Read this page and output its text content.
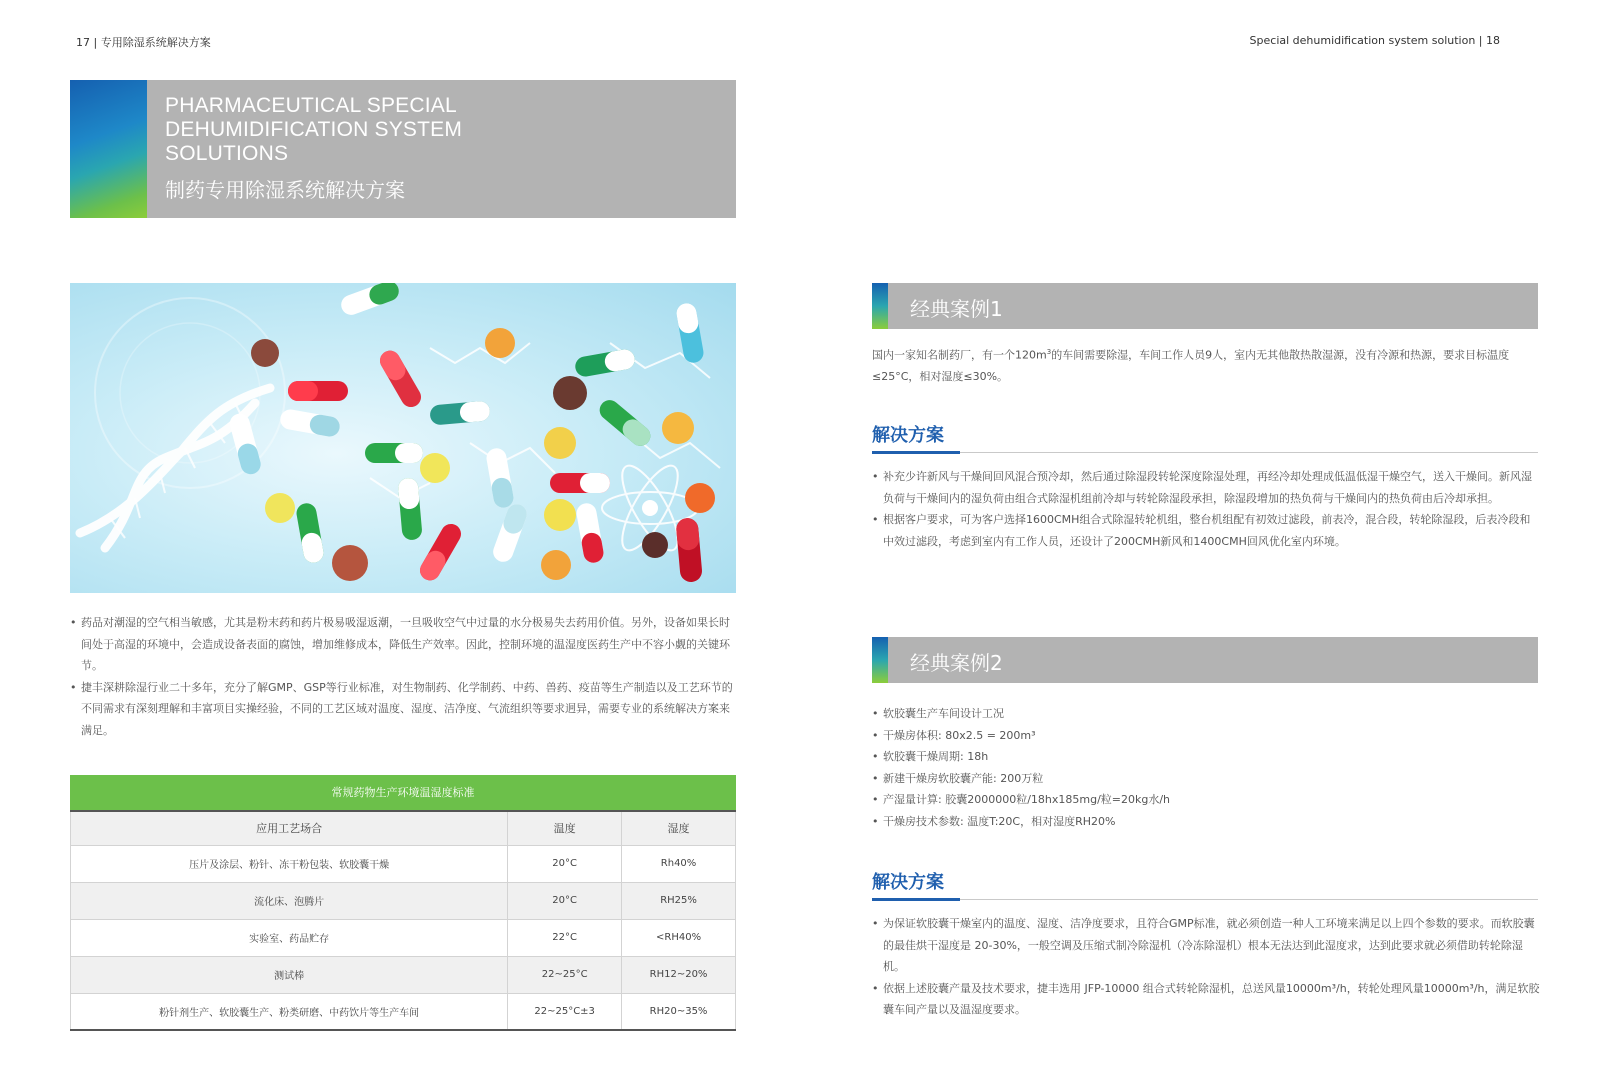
17 | 专用除湿系统解决方案	Special dehumidification system solution | 18
PHARMACEUTICAL SPECIAL DEHUMIDIFICATION SYSTEM SOLUTIONS
制药专用除湿系统解决方案

• 药品对潮湿的空气相当敏感，尤其是粉末药和药片极易吸湿返潮，一旦吸收空气中过量的水分极易失去药用价值。另外，设备如果长时间处于高湿的环境中，会造成设备表面的腐蚀，增加维修成本，降低生产效率。因此，控制环境的温湿度医药生产中不容小觑的关键环节。

• 捷丰深耕除湿行业二十多年，充分了解GMP、GSP等行业标准，对生物制药、化学制药、中药、兽药、疫苗等生产制造以及工艺环节的不同需求有深刻理解和丰富项目实操经验，不同的工艺区域对温度、湿度、洁净度、气流组织等要求迥异，需要专业的系统解决方案来满足。

常规药物生产环境温湿度标准
应用工艺场合	温度	湿度
压片及涂层、粉针、冻干粉包装、软胶囊干燥	20°C	Rh40%
流化床、泡腾片	20°C	RH25%
实验室、药品贮存	22°C	<RH40%
测试棒	22~25°C	RH12~20%
粉针剂生产、软胶囊生产、粉类研磨、中药饮片等生产车间	22~25°C±3	RH20~35%
经典案例1
国内一家知名制药厂，有一个$120m^3$的车间需要除湿，车间工作人员9人，室内无其他散热散湿源，没有冷源和热源，要求目标温度≤25°C，相对湿度≤30%。
解决方案
• 补充少许新风与干燥间回风混合预冷却，然后通过除湿段转轮深度除湿处理，再经冷却处理成低温低湿干燥空气，送入干燥间。新风湿负荷与干燥间内的湿负荷由组合式除湿机组前冷却与转轮除湿段承担，除湿段增加的热负荷与干燥间内的热负荷由后冷却承担。
• 根据客户要求，可为客户选择1600CMH组合式除湿转轮机组，整台机组配有初效过滤段，前表冷，混合段，转轮除湿段，后表冷段和中效过滤段，考虑到室内有工作人员，还设计了200CMH新风和1400CMH回风优化室内环境。
经典案例2
• 软胶囊生产车间设计工况
• 干燥房体积: 80x2.5 = 200m³
• 软胶囊干燥周期: 18h
• 新建干燥房软胶囊产能: 200万粒
• 产湿量计算: 胶囊2000000粒/18hx185mg/粒=20kg水/h
• 干燥房技术参数: 温度T:20C，相对湿度RH20%
解决方案
• 为保证软胶囊干燥室内的温度、湿度、洁净度要求，且符合GMP标准，就必须创造一种人工环境来满足以上四个参数的要求。而软胶囊的最佳烘干湿度是 20-30%，一般空调及压缩式制冷除湿机（冷冻除湿机）根本无法达到此湿度求，达到此要求就必须借助转轮除湿机。
• 依据上述胶囊产量及技术要求，捷丰选用 JFP-10000 组合式转轮除湿机，总送风量10000m³/h，转轮处理风量10000m³/h，满足软胶囊车间产量以及温湿度要求。
